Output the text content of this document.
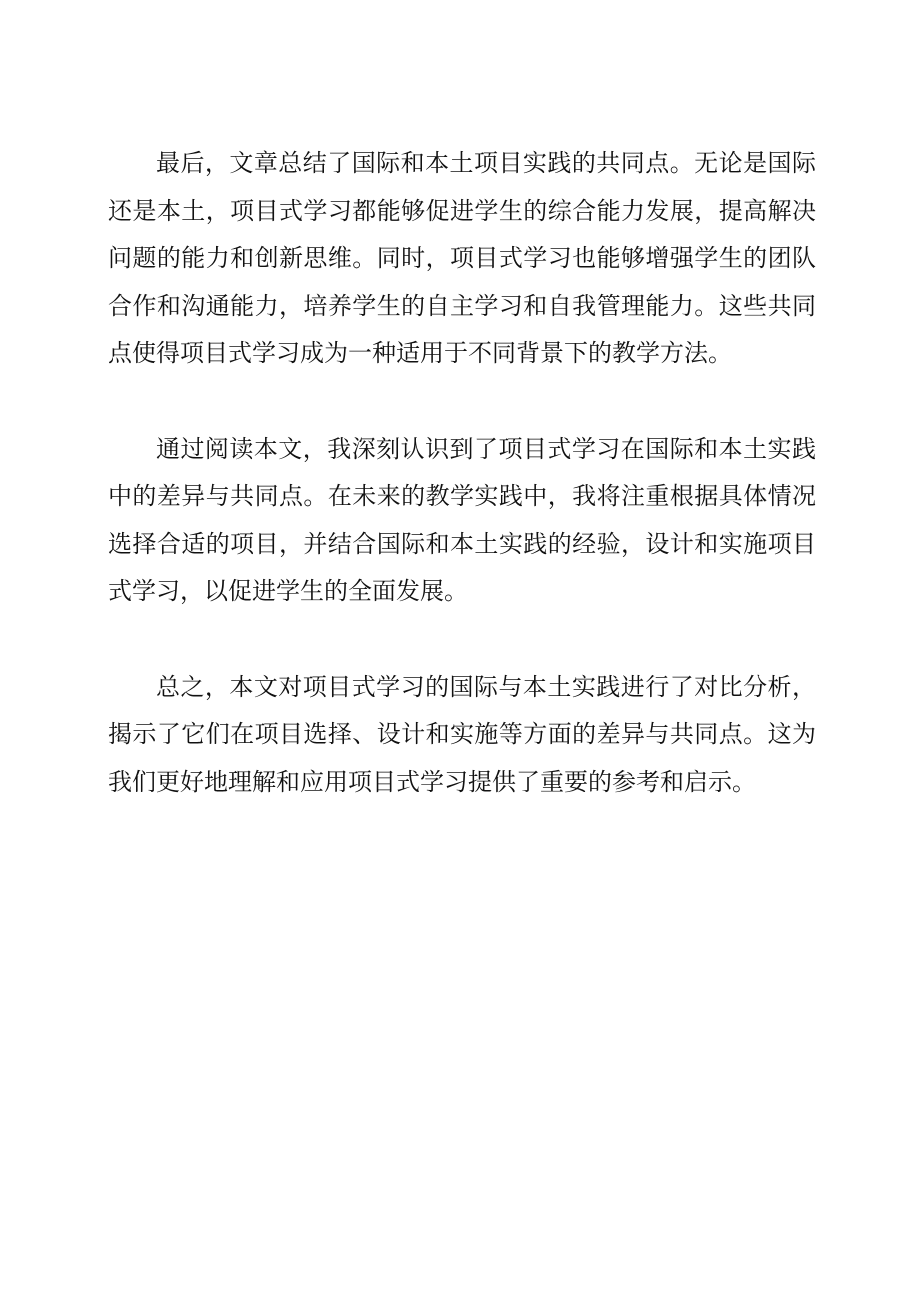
最后，文章总结了国际和本土项目实践的共同点。无论是国际还是本土，项目式学习都能够促进学生的综合能力发展，提高解决问题的能力和创新思维。同时，项目式学习也能够增强学生的团队合作和沟通能力，培养学生的自主学习和自我管理能力。这些共同点使得项目式学习成为一种适用于不同背景下的教学方法。

通过阅读本文，我深刻认识到了项目式学习在国际和本土实践中的差异与共同点。在未来的教学实践中，我将注重根据具体情况选择合适的项目，并结合国际和本土实践的经验，设计和实施项目式学习，以促进学生的全面发展。

总之，本文对项目式学习的国际与本土实践进行了对比分析，揭示了它们在项目选择、设计和实施等方面的差异与共同点。这为我们更好地理解和应用项目式学习提供了重要的参考和启示。
